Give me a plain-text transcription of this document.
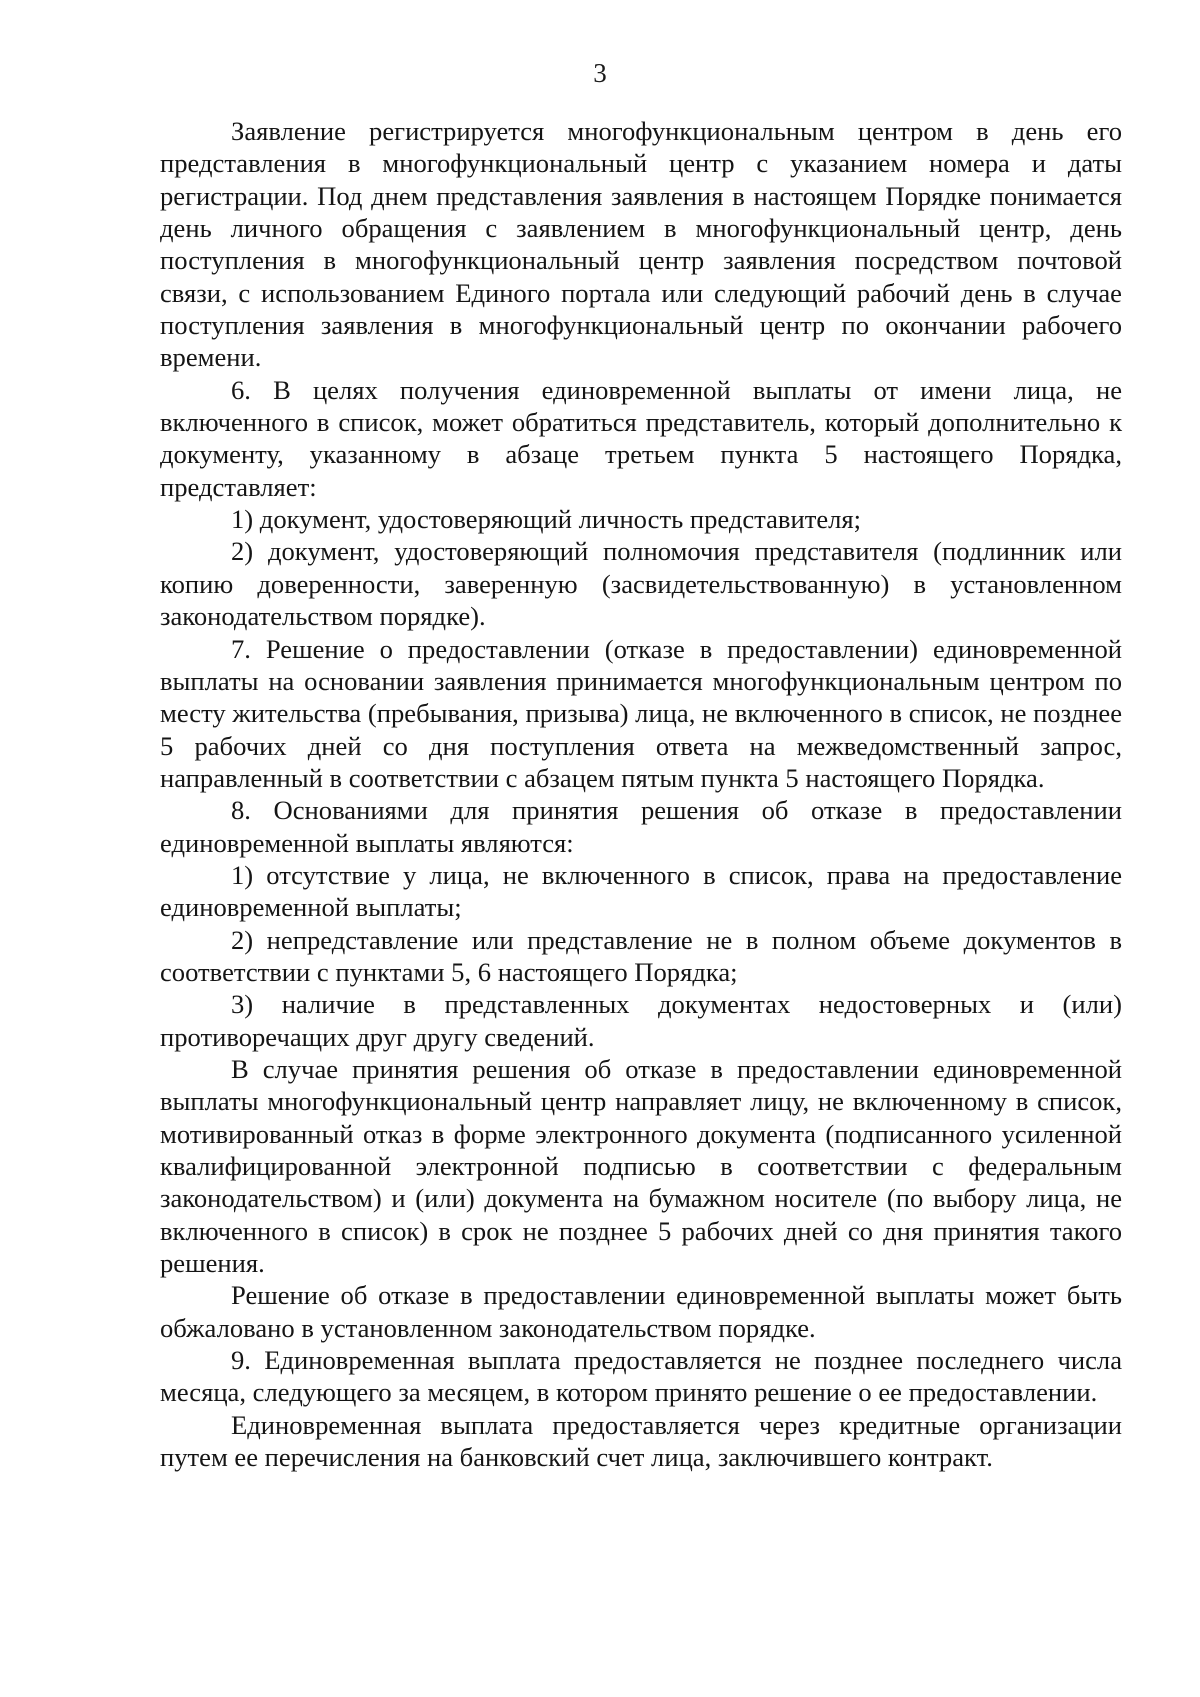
3

Заявление регистрируется многофункциональным центром в день его представления в многофункциональный центр с указанием номера и даты регистрации. Под днем представления заявления в настоящем Порядке понимается день личного обращения с заявлением в многофункциональный центр, день поступления в многофункциональный центр заявления посредством почтовой связи, с использованием Единого портала или следующий рабочий день в случае поступления заявления в многофункциональный центр по окончании рабочего времени.

6. В целях получения единовременной выплаты от имени лица, не включенного в список, может обратиться представитель, который дополнительно к документу, указанному в абзаце третьем пункта 5 настоящего Порядка, представляет:

1) документ, удостоверяющий личность представителя;

2) документ, удостоверяющий полномочия представителя (подлинник или копию доверенности, заверенную (засвидетельствованную) в установленном законодательством порядке).

7. Решение о предоставлении (отказе в предоставлении) единовременной выплаты на основании заявления принимается многофункциональным центром по месту жительства (пребывания, призыва) лица, не включенного в список, не позднее 5 рабочих дней со дня поступления ответа на межведомственный запрос, направленный в соответствии с абзацем пятым пункта 5 настоящего Порядка.

8. Основаниями для принятия решения об отказе в предоставлении единовременной выплаты являются:

1) отсутствие у лица, не включенного в список, права на предоставление единовременной выплаты;

2) непредставление или представление не в полном объеме документов в соответствии с пунктами 5, 6 настоящего Порядка;

3) наличие в представленных документах недостоверных и (или) противоречащих друг другу сведений.

В случае принятия решения об отказе в предоставлении единовременной выплаты многофункциональный центр направляет лицу, не включенному в список, мотивированный отказ в форме электронного документа (подписанного усиленной квалифицированной электронной подписью в соответствии с федеральным законодательством) и (или) документа на бумажном носителе (по выбору лица, не включенного в список) в срок не позднее 5 рабочих дней со дня принятия такого решения.

Решение об отказе в предоставлении единовременной выплаты может быть обжаловано в установленном законодательством порядке.

9. Единовременная выплата предоставляется не позднее последнего числа месяца, следующего за месяцем, в котором принято решение о ее предоставлении.

Единовременная выплата предоставляется через кредитные организации путем ее перечисления на банковский счет лица, заключившего контракт.
